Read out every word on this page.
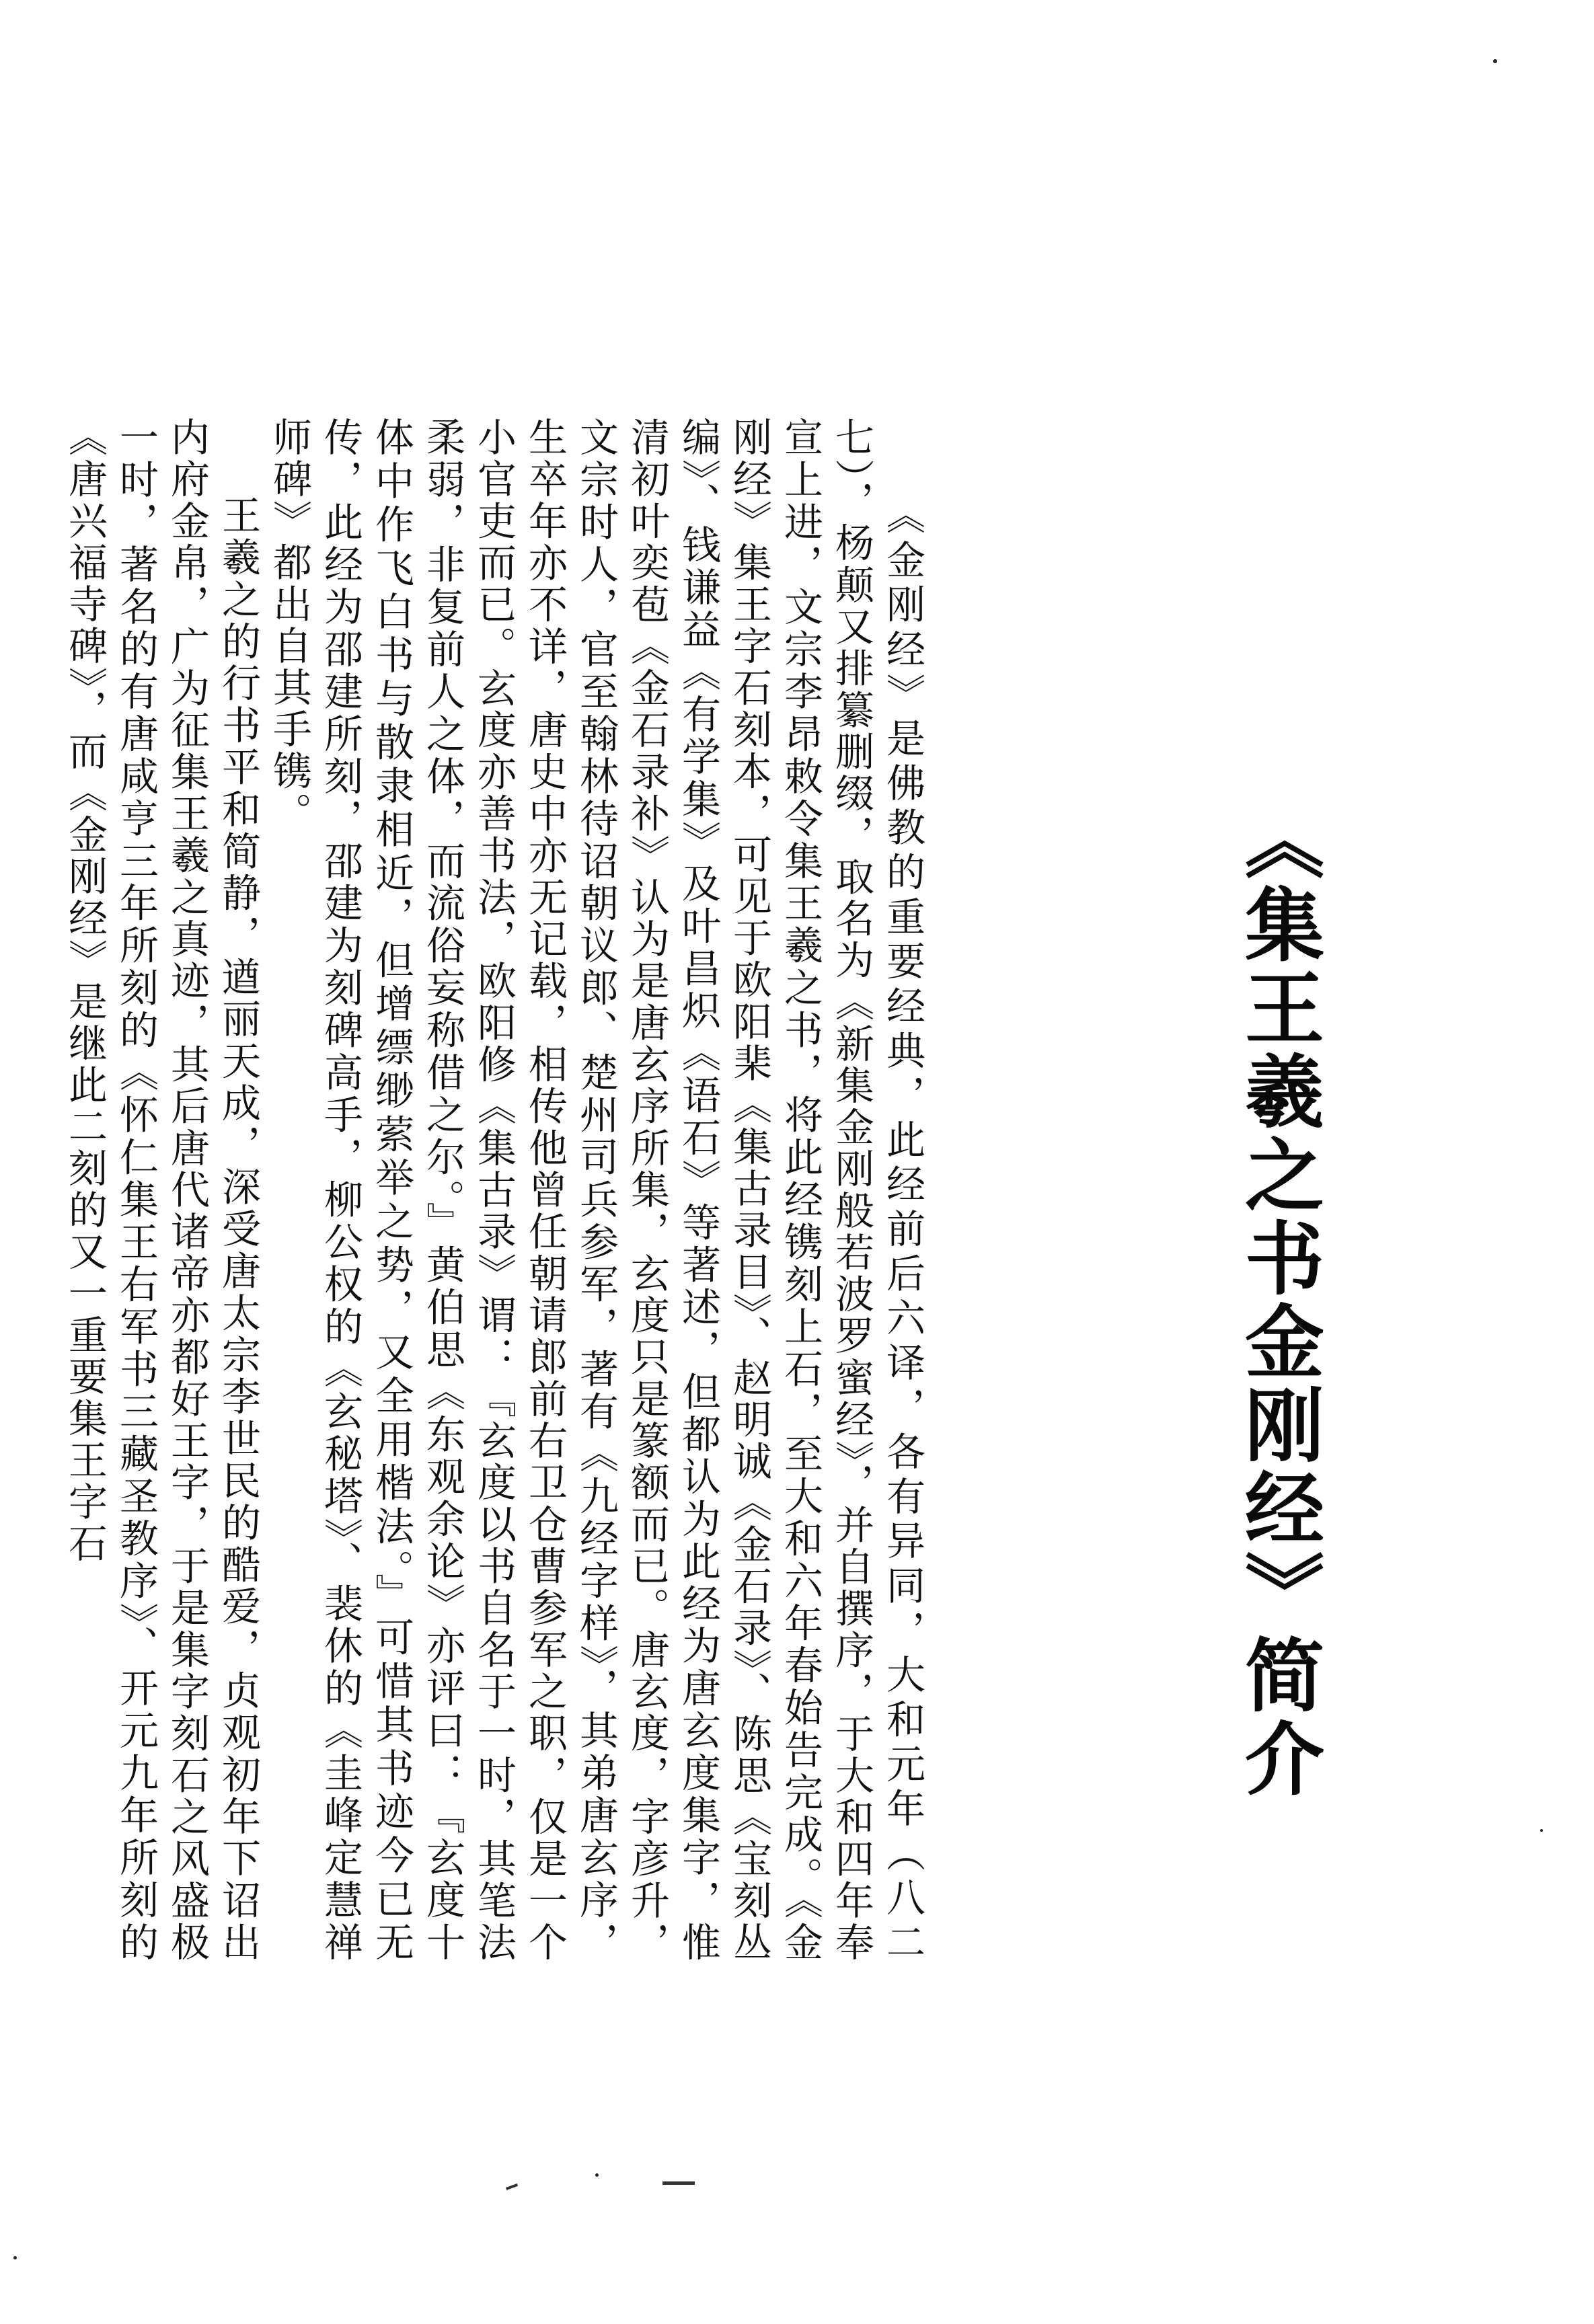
《集王羲之书金刚经》简介

《金刚经》是佛教的重要经典，此经前后六译，各有异同，大和元年（八二七），杨颠又排纂删缀，取名为《新集金刚般若波罗蜜经》，并自撰序，于大和四年奉宣上进，文宗李昂敕令集王羲之书，将此经镌刻上石，至大和六年春始告完成。《金刚经》集王字石刻本，可见于欧阳棐《集古录目》、赵明诚《金石录》、陈思《宝刻丛编》、钱谦益《有学集》及叶昌炽《语石》等著述，但都认为此经为唐玄度集字，惟清初叶奕苞《金石录补》认为是唐玄序所集，玄度只是篆额而已。唐玄度，字彦升，文宗时人，官至翰林待诏朝议郎、楚州司兵参军，著有《九经字样》，其弟唐玄序，生卒年亦不详，唐史中亦无记载，相传他曾任朝请郎前右卫仓曹参军之职，仅是一个小官吏而已。玄度亦善书法，欧阳修《集古录》谓：『玄度以书自名于一时，其笔法柔弱，非复前人之体，而流俗妄称借之尔。』黄伯思《东观余论》亦评曰：『玄度十体中作飞白书与散隶相近，但增缥缈萦举之势，又全用楷法。』可惜其书迹今已无传，此经为邵建所刻，邵建为刻碑高手，柳公权的《玄秘塔》、裴休的《圭峰定慧禅师碑》都出自其手镌。

王羲之的行书平和简静，遒丽天成，深受唐太宗李世民的酷爱，贞观初年下诏出内府金帛，广为征集王羲之真迹，其后唐代诸帝亦都好王字，于是集字刻石之风盛极一时，著名的有唐咸亨三年所刻的《怀仁集王右军书三藏圣教序》、开元九年所刻的《唐兴福寺碑》，而《金刚经》是继此二刻的又一重要集王字石
